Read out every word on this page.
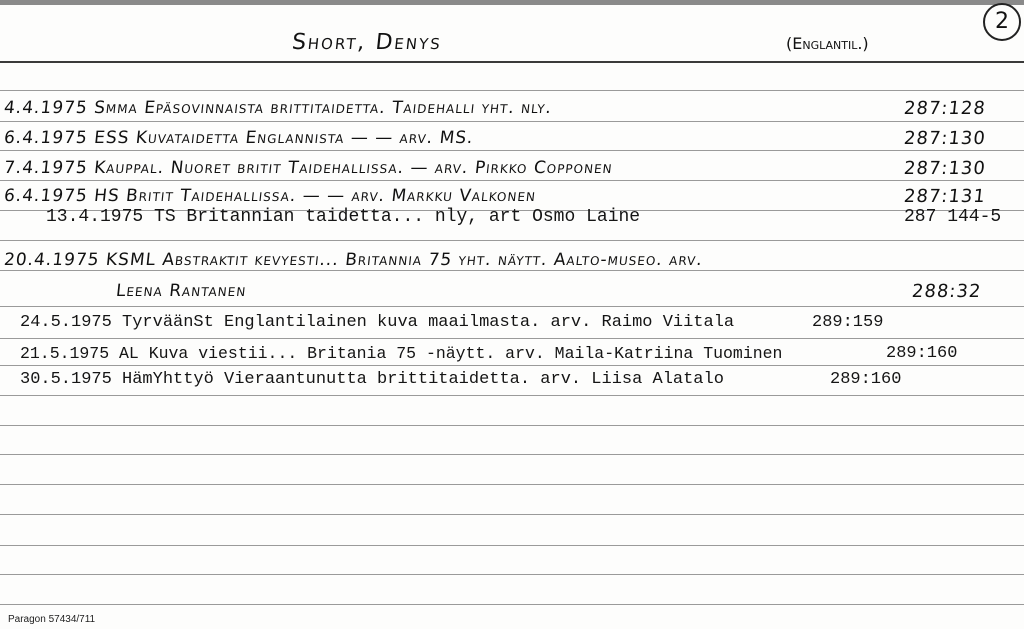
Short, Denys	(Englantil.)
2
4.4.1975 Smma Epäsovinnaista brittitaidetta. Taidehalli yht. nly.	287:128
6.4.1975 ESS Kuvataidetta Englannista — — arv. MS.	287:130
7.4.1975 Kauppal. Nuoret britit Taidehallissa. — arv. Pirkko Copponen	287:130
6.4.1975 HS Britit Taidehallissa. — — arv. Markku Valkonen	287:131
13.4.1975 TS Britannian taidetta... nly, art Osmo Laine	287 144-5
20.4.1975 KSML Abstraktit kevyesti... Britannia 75 yht. näytt. Aalto-museo. arv.
Leena Rantanen	288:32
24.5.1975 TyrväänSt Englantilainen kuva maailmasta. arv. Raimo Viitala	289:159
21.5.1975 AL Kuva viestii... Britania 75 -näytt. arv. Maila-Katriina Tuominen	289:160
30.5.1975 HämYhttyö Vieraantunutta brittitaidetta. arv. Liisa Alatalo	289:160
Paragon 57434/711
